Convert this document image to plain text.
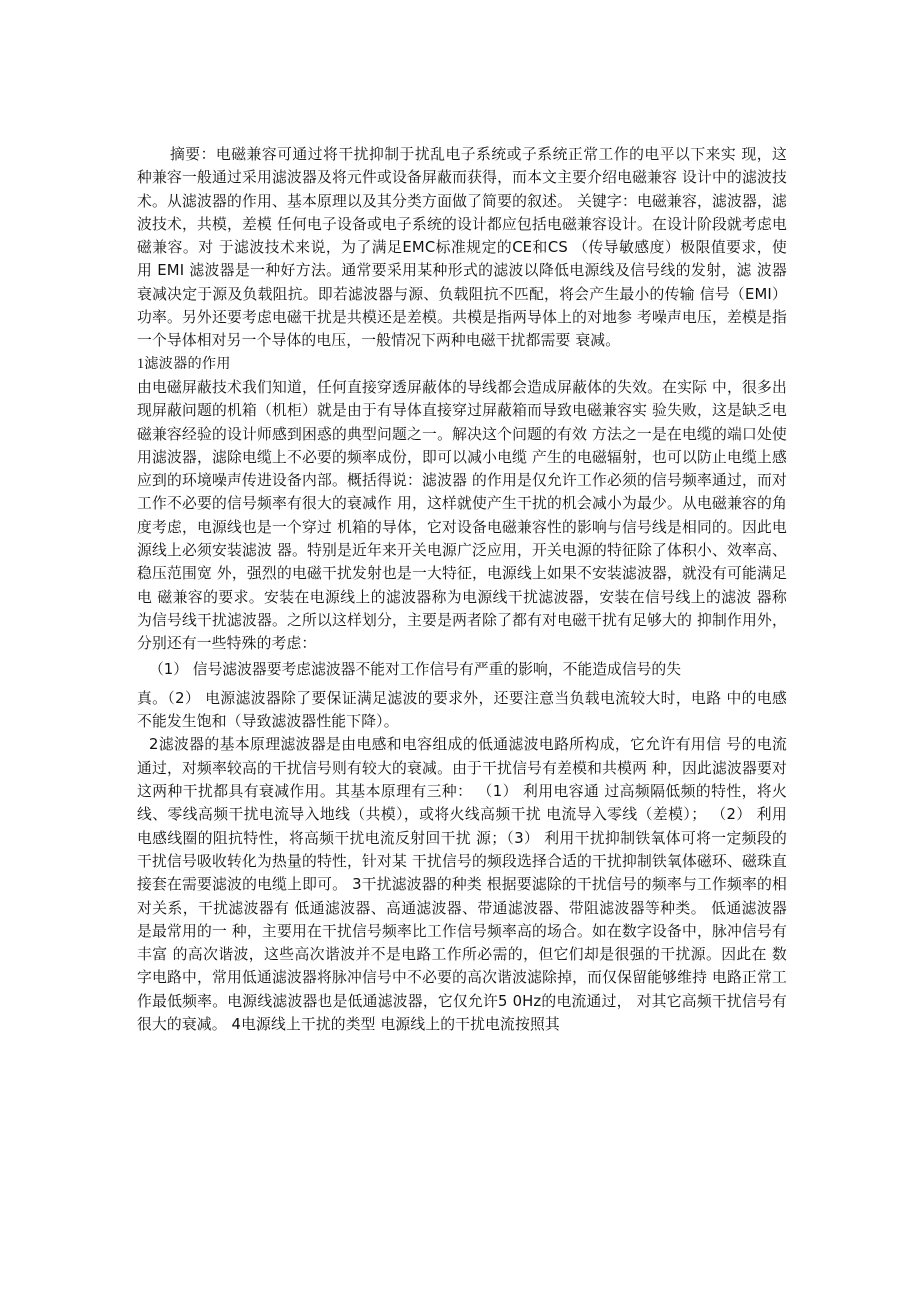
摘要：电磁兼容可通过将干扰抑制于扰乱电子系统或子系统正常工作的电平以下来实 现，这种兼容一般通过采用滤波器及将元件或设备屏蔽而获得，而本文主要介绍电磁兼容 设计中的滤波技术。从滤波器的作用、基本原理以及其分类方面做了简要的叙述。 关键字：电磁兼容，滤波器，滤波技术，共模，差模 任何电子设备或电子系统的设计都应包括电磁兼容设计。在设计阶段就考虑电磁兼容。对 于滤波技术来说，为了满足EMC标准规定的CE和CS （传导敏感度）极限值要求，使用 EMI 滤波器是一种好方法。通常要采用某种形式的滤波以降低电源线及信号线的发射，滤 波器衰减决定于源及负载阻抗。即若滤波器与源、负载阻抗不匹配，将会产生最小的传输 信号（EMI）功率。另外还要考虑电磁干扰是共模还是差模。共模是指两导体上的对地参 考噪声电压，差模是指一个导体相对另一个导体的电压，一般情况下两种电磁干扰都需要 衰减。

1滤波器的作用

由电磁屏蔽技术我们知道，任何直接穿透屏蔽体的导线都会造成屏蔽体的失效。在实际 中，很多出现屏蔽问题的机箱（机柜）就是由于有导体直接穿过屏蔽箱而导致电磁兼容实 验失败，这是缺乏电磁兼容经验的设计师感到困惑的典型问题之一。解决这个问题的有效 方法之一是在电缆的端口处使用滤波器，滤除电缆上不必要的频率成份，即可以减小电缆 产生的电磁辐射，也可以防止电缆上感应到的环境噪声传进设备内部。概括得说：滤波器 的作用是仅允许工作必须的信号频率通过，而对工作不必要的信号频率有很大的衰减作 用，这样就使产生干扰的机会减小为最少。从电磁兼容的角度考虑，电源线也是一个穿过 机箱的导体，它对设备电磁兼容性的影响与信号线是相同的。因此电源线上必须安装滤波 器。特别是近年来开关电源广泛应用，开关电源的特征除了体积小、效率高、稳压范围宽 外，强烈的电磁干扰发射也是一大特征，电源线上如果不安装滤波器，就没有可能满足电 磁兼容的要求。安装在电源线上的滤波器称为电源线干扰滤波器，安装在信号线上的滤波 器称为信号线干扰滤波器。之所以这样划分，主要是两者除了都有对电磁干扰有足够大的 抑制作用外，分别还有一些特殊的考虑：

（1） 信号滤波器要考虑滤波器不能对工作信号有严重的影响，不能造成信号的失

真。（2） 电源滤波器除了要保证满足滤波的要求外，还要注意当负载电流较大时，电路 中的电感不能发生饱和（导致滤波器性能下降）。

2滤波器的基本原理滤波器是由电感和电容组成的低通滤波电路所构成，它允许有用信 号的电流通过，对频率较高的干扰信号则有较大的衰减。由于干扰信号有差模和共模两 种，因此滤波器要对这两种干扰都具有衰减作用。其基本原理有三种： （1） 利用电容通 过高频隔低频的特性，将火线、零线高频干扰电流导入地线（共模），或将火线高频干扰 电流导入零线（差模）； （2） 利用电感线圈的阻抗特性，将高频干扰电流反射回干扰 源；（3） 利用干扰抑制铁氧体可将一定频段的干扰信号吸收转化为热量的特性，针对某 干扰信号的频段选择合适的干扰抑制铁氧体磁环、磁珠直接套在需要滤波的电缆上即可。 3干扰滤波器的种类 根据要滤除的干扰信号的频率与工作频率的相对关系，干扰滤波器有 低通滤波器、高通滤波器、带通滤波器、带阻滤波器等种类。 低通滤波器是最常用的一 种，主要用在干扰信号频率比工作信号频率高的场合。如在数字设备中，脉冲信号有丰富 的高次谐波，这些高次谐波并不是电路工作所必需的，但它们却是很强的干扰源。因此在 数字电路中，常用低通滤波器将脉冲信号中不必要的高次谐波滤除掉，而仅保留能够维持 电路正常工作最低频率。电源线滤波器也是低通滤波器，它仅允许5 0Hz的电流通过， 对其它高频干扰信号有很大的衰减。 4电源线上干扰的类型 电源线上的干扰电流按照其
